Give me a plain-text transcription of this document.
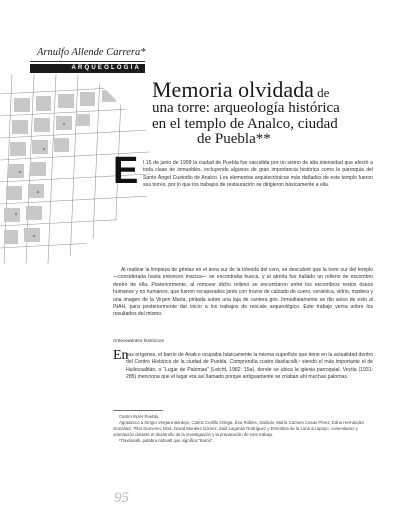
Arnulfo Allende Carrera*
ARQUEOLOGÍA
Memoria olvidada de
una torre: arqueología histórica
en el templo de Analco, ciudad
de Puebla**
E l 15 de junio de 1999 la ciudad de Puebla fue sacudida por un sismo de alta intensidad que afectó a toda clase de inmuebles, incluyendo algunos de gran importancia histórica como la parroquia del Santo Ángel Custodio de Analco. Los elementos arquitectónicos más dañados de este templo fueron sus torres, por lo que los trabajos de restauración se dirigieron básicamente a ella.

Al realizar la limpieza de grietas en el área sur de la bóveda del coro, se descubrió que la torre sur del templo —considerada hasta entonces maciza— se encontraba hueca, y al abrirla fue hallado un relleno de escombro dentro de ella. Posteriormente, al remover dicho relleno se encontraron entre los escombros restos óseos humanos y no humanos, que fueron recuperados junto con trozos de calzado de cuero, cerámica, vidrio, madera y una imagen de la Virgen María, pintada sobre una laja de cantera gris. Inmediatamente se dio aviso de esto al INAH, para posteriormente dar inicio a los trabajos de rescate arqueológico. Este trabajo versa sobre los resultados del mismo.

Antecedentes históricos
En

sus orígenes, el barrio de Analco ocupaba básicamente la misma superficie que tiene en la actualidad dentro del Centro Histórico de la ciudad de Puebla. Comprendía cuatro tlaxilacalli,¹ siendo el más importante el de Huilocaaltlán, o “Lugar de Palomas” (Leicht, 1982: 15a), donde se ubica la iglesia parroquial. Veytia (1931: 285) menciona que el lugar era así llamado porque antiguamente se criaban ahí muchas palomas.

Centro INAH Puebla.

Agradezco a Sergio Vergara Berdejo, Carlos Cedillo Ortega, Eva Robles, Galindo, María Carmen Casas Pérez, Edna Hernández González, Pilar Domenec Díaz, David Morales Gómez, Zaid Lagunas Rodríguez y Ernestina de la Luna su apoyo, comentarios y orientación durante el desarrollo de la investigación y la preparación de este trabajo.

¹Tlaxilacalli, palabra náhuatl que significa “barrio”.

95
